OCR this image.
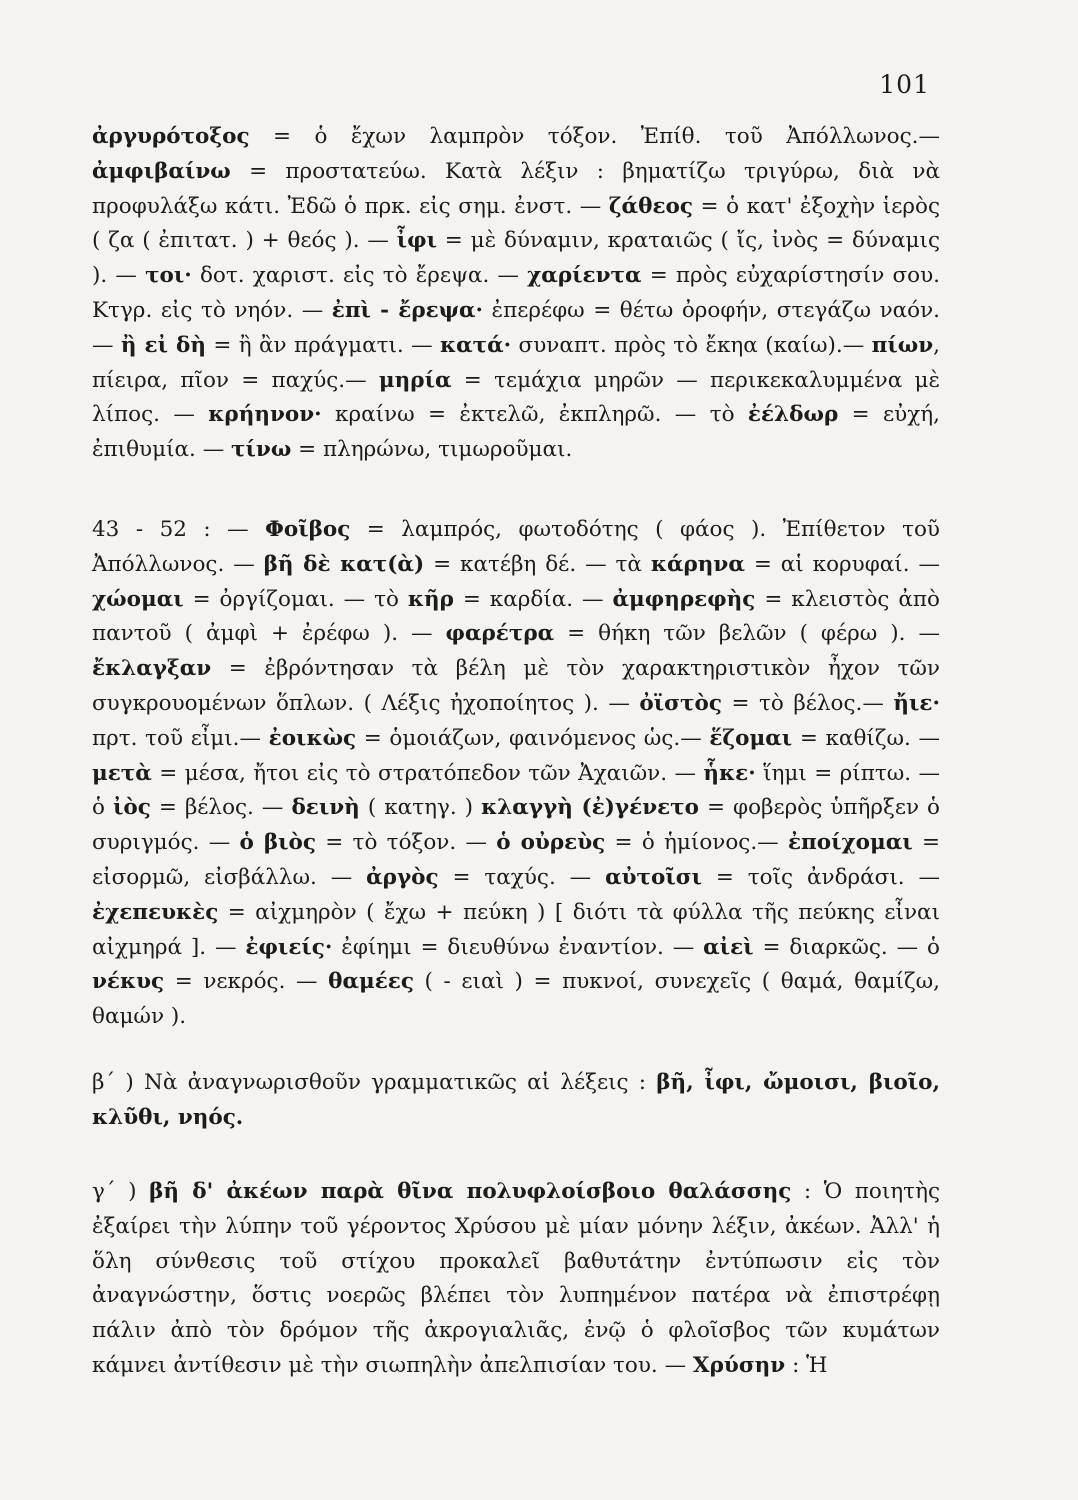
101

ἀργυρότοξος = ὁ ἔχων λαμπρὸν τόξον. Ἐπίθ. τοῦ Ἀπόλλωνος.— ἀμφιβαίνω = προστατεύω. Κατὰ λέξιν : βηματίζω τριγύρω, διὰ νὰ προφυλάξω κάτι. Ἐδῶ ὁ πρκ. εἰς σημ. ἐνστ. — ζάθεος = ὁ κατ' ἐξοχὴν ἱερὸς ( ζα ( ἐπιτατ. ) + θεός ). — ἶφι = μὲ δύναμιν, κραταιῶς ( ἴς, ἰνὸς = δύναμις ). — τοι· δοτ. χαριστ. εἰς τὸ ἔρεψα. — χαρίεντα = πρὸς εὐχαρίστησίν σου. Κτγρ. εἰς τὸ νηόν. — ἐπὶ - ἔρεψα· ἐπερέφω = θέτω ὀροφήν, στεγάζω ναόν. — ἢ εἰ δὴ = ἢ ἂν πράγματι. — κατά· συναπτ. πρὸς τὸ ἔκηα (καίω).— πίων, πίειρα, πῖον = παχύς.— μηρία = τεμάχια μηρῶν — περικεκαλυμμένα μὲ λίπος. — κρήηνον· κραίνω = ἐκτελῶ, ἐκπληρῶ. — τὸ ἐέλδωρ = εὐχή, ἐπιθυμία. — τίνω = πληρώνω, τιμωροῦμαι.

43 - 52 : — Φοῖβος = λαμπρός, φωτοδότης ( φάος ). Ἐπίθετον τοῦ Ἀπόλλωνος. — βῆ δὲ κατ(ὰ) = κατέβη δέ. — τὰ κάρηνα = αἱ κορυφαί. — χώομαι = ὀργίζομαι. — τὸ κῆρ = καρδία. — ἀμφηρεφὴς = κλειστὸς ἀπὸ παντοῦ ( ἀμφὶ + ἐρέφω ). — φαρέτρα = θήκη τῶν βελῶν ( φέρω ). — ἔκλαγξαν = ἐβρόντησαν τὰ βέλη μὲ τὸν χαρακτηριστικὸν ἦχον τῶν συγκρουομένων ὅπλων. ( Λέξις ἠχοποίητος ). — ὀϊστὸς = τὸ βέλος.— ἤιε· πρτ. τοῦ εἶμι.— ἐοικὼς = ὁμοιάζων, φαινόμενος ὡς.— ἕζομαι = καθίζω. — μετὰ = μέσα, ἤτοι εἰς τὸ στρατόπεδον τῶν Ἀχαιῶν. — ἧκε· ἵημι = ρίπτω. — ὁ ἰὸς = βέλος. — δεινὴ ( κατηγ. ) κλαγγὴ (ἐ)γένετο = φοβερὸς ὑπῆρξεν ὁ συριγμός. — ὁ βιὸς = τὸ τόξον. — ὁ οὐρεὺς = ὁ ἡμίονος.— ἐποίχομαι = εἰσορμῶ, εἰσβάλλω. — ἀργὸς = ταχύς. — αὐτοῖσι = τοῖς ἀνδράσι. — ἐχεπευκὲς = αἰχμηρὸν ( ἔχω + πεύκη ) [ διότι τὰ φύλλα τῆς πεύκης εἶναι αἰχμηρά ]. — ἐφιείς· ἐφίημι = διευθύνω ἐναντίον. — αἰεὶ = διαρκῶς. — ὁ νέκυς = νεκρός. — θαμέες ( - ειαὶ ) = πυκνοί, συνεχεῖς ( θαμά, θαμίζω, θαμών ).

β΄ ) Νὰ ἀναγνωρισθοῦν γραμματικῶς αἱ λέξεις : βῆ, ἶφι, ὤμοισι, βιοῖο, κλῦθι, νηός.

γ΄ ) βῆ δ' ἀκέων παρὰ θῖνα πολυφλοίσβοιο θαλάσσης : Ὁ ποιητὴς ἐξαίρει τὴν λύπην τοῦ γέροντος Χρύσου μὲ μίαν μόνην λέξιν, ἀκέων. Ἀλλ' ἡ ὅλη σύνθεσις τοῦ στίχου προκαλεῖ βαθυτάτην ἐντύπωσιν εἰς τὸν ἀναγνώστην, ὅστις νοερῶς βλέπει τὸν λυπημένον πατέρα νὰ ἐπιστρέφῃ πάλιν ἀπὸ τὸν δρόμον τῆς ἀκρογιαλιᾶς, ἐνῷ ὁ φλοῖσβος τῶν κυμάτων κάμνει ἀντίθεσιν μὲ τὴν σιωπηλὴν ἀπελπισίαν του. — Χρύσην : Ἡ
